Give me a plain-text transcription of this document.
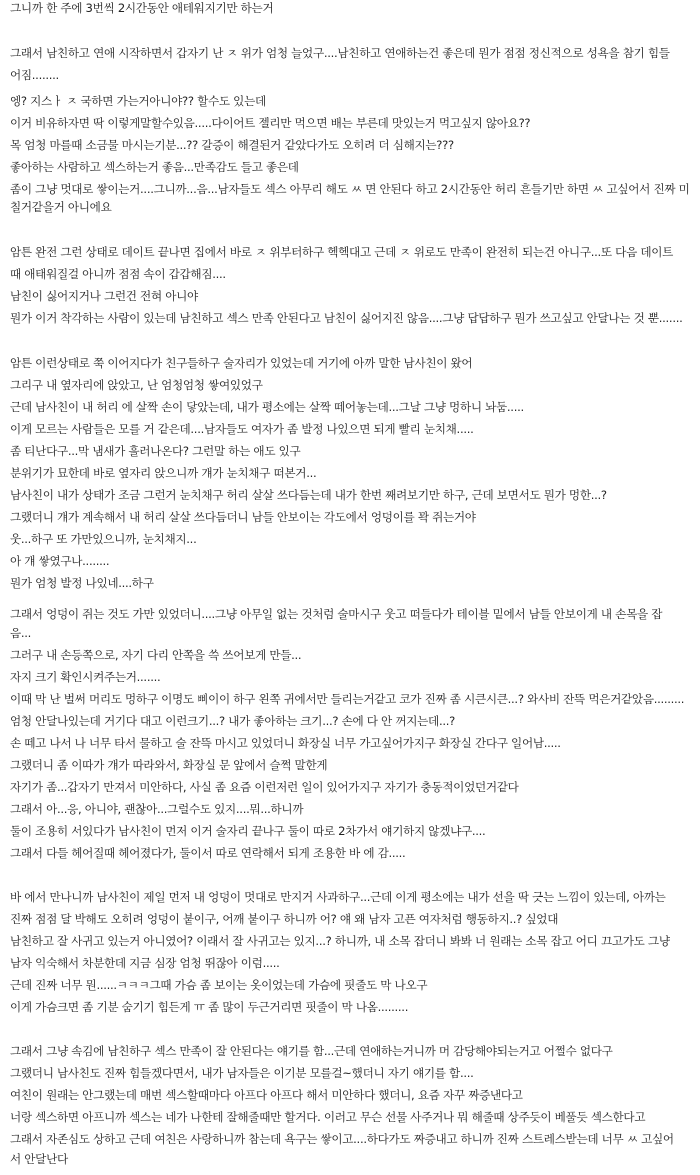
그니까 한 주에 3번씩 2시간동안 애테워지기만 하는거
그래서 남친하고 연애 시작하면서 갑자기 난 ㅈ 위가 엄청 늘었구....남친하고 연애하는건 좋은데 뭔가 점점 정신적으로 성욕을 참기 힘들
어짐........
엥? 지스ㅏ ㅈ 국하면 가는거아니야?? 할수도 있는데
이거 비유하자면 딱 이렇게말할수있음.....다이어트 젤리만 먹으면 배는 부른데 맛있는거 먹고싶지 않아요??
목 엄청 마를때 소금물 마시는기분...?? 갈증이 해결된거 같았다가도 오히려 더 심해지는???
좋아하는 사람하고 섹스하는거 좋음...만족감도 들고 좋은데
좀이 그냥 멋대로 쌓이는거....그니까...음...남자들도 섹스 아무리 해도 ㅆ 면 안된다 하고 2시간동안 허리 흔들기만 하면 ㅆ 고싶어서 진짜 미
칠거같을거 아니에요
암튼 완전 그런 상태로 데이트 끝나면 집에서 바로 ㅈ 위부터하구 헥헥대고 근데 ㅈ 위로도 만족이 완전히 되는건 아니구...또 다음 데이트
때 애태워질걸 아니까 점점 속이 갑갑해짐....
남친이 싫어지거나 그런건 전혀 아니야
뭔가 이거 착각하는 사람이 있는데 남친하고 섹스 만족 안된다고 남친이 싫어지진 않음....그냥 답답하구 뭔가 쓰고싶고 안달나는 것 뿐.......
암튼 이런상태로 쭉 이어지다가 친구들하구 술자리가 있었는데 거기에 아까 말한 남사친이 왔어
그리구 내 옆자리에 앉았고, 난 엄청엄청 쌓여있었구
근데 남사친이 내 허리 에 살짝 손이 닿았는데, 내가 평소에는 살짝 떼어놓는데...그날 그냥 멍하니 놔둠.....
이게 모르는 사람들은 모를 거 같은데....남자들도 여자가 좀 발정 나있으면 되게 빨리 눈치채.....
좀 티난다구...막 냄새가 흘러나온다? 그런말 하는 애도 있구
분위기가 묘한데 바로 옆자리 앉으니까 걔가 눈치채구 떠본거...
남사친이 내가 상태가 조금 그런거 눈치채구 허리 살살 쓰다듬는데 내가 한번 째려보기만 하구, 근데 보면서도 뭔가 멍한...?
그랬더니 걔가 계속해서 내 허리 살살 쓰다듬더니 남들 안보이는 각도에서 엉덩이를 꽉 쥐는거야
웃...하구 또 가만있으니까, 눈치채지...
아 걔 쌓였구나........
뭔가 엄청 발정 나있네....하구
그래서 엉덩이 쥐는 것도 가만 있었더니....그냥 아무일 없는 것처럼 술마시구 웃고 떠들다가 테이블 밑에서 남들 안보이게 내 손목을 잡
음...
그러구 내 손등쪽으로, 자기 다리 안쪽을 쓱 쓰어보게 만들...
자지 크기 확인시켜주는거.......
이때 막 난 벌써 머리도 멍하구 이명도 삐이이 하구 왼쪽 귀에서만 들리는거같고 코가 진짜 좀 시큰시큰...? 와사비 잔뜩 먹은거같았음.........
엄청 안달나있는데 거기다 대고 이런크기...? 내가 좋아하는 크기...? 손에 다 안 꺼지는데...?
손 떼고 나서 나 너무 타서 물하고 술 잔뜩 마시고 있었더니 화장실 너무 가고싶어가지구 화장실 간다구 일어남.....
그랬더니 좀 이따가 걔가 따라와서, 화장실 문 앞에서 슬쩍 말한게
자기가 좀...갑자기 만져서 미안하다, 사실 좀 요즘 이런저런 일이 있어가지구 자기가 충동적이었던거같다
그래서 아...응, 아니야, 괜찮아...그럴수도 있지....뭐...하니까
둘이 조용히 서있다가 남사친이 먼저 이거 술자리 끝나구 둘이 따로 2차가서 얘기하지 않겠냐구....
그래서 다들 헤어질때 헤어졌다가, 둘이서 따로 연락해서 되게 조용한 바 에 감.....
바 에서 만나니까 남사친이 제일 먼저 내 엉덩이 멋대로 만지거 사과하구...근데 이게 평소에는 내가 선을 딱 긋는 느낌이 있는데, 아까는
진짜 점점 달 박해도 오히려 엉덩이 붙이구, 어깨 붙이구 하니까 어? 얘 왜 남자 고픈 여자처럼 행동하지..? 싶었대
남친하고 잘 사귀고 있는거 아니였어? 이래서 잘 사귀고는 있지...? 하니까, 내 소목 잡더니 봐봐 너 원래는 소목 잡고 어디 끄고가도 그냥
남자 익숙해서 차분한데 지금 심장 엄청 뛰잖아 이럼.....
근데 진짜 너무 뭔......ㅋㅋㅋ그때 가슴 좀 보이는 옷이었는데 가슴에 핏줄도 막 나오구
이게 가슴크면 좀 기분 숨기기 힘든게 ㅠ 좀 많이 두근거리면 핏줄이 막 나옴.........
그래서 그냥 속김에 남친하구 섹스 만족이 잘 안된다는 얘기를 함...근데 연애하는거니까 머 감당해야되는거고 어쩔수 없다구
그랬더니 남사친도 진짜 힘들겠다면서, 내가 남자들은 이기분 모를걸~했더니 자기 얘기를 함....
여친이 원래는 안그랬는데 매번 섹스할때마다 아프다 아프다 해서 미안하다 했더니, 요즘 자꾸 짜증낸다고
너랑 섹스하면 아프니까 섹스는 네가 나한테 잘해줄때만 할거다. 이러고 무슨 선물 사주거나 뭐 해줄때 상주듯이 베풀듯 섹스한다고
그래서 자존심도 상하고 근데 여친은 사랑하니까 참는데 욕구는 쌓이고....하다가도 짜증내고 하니까 진짜 스트레스받는데 너무 ㅆ 고싶어
서 안달난다
